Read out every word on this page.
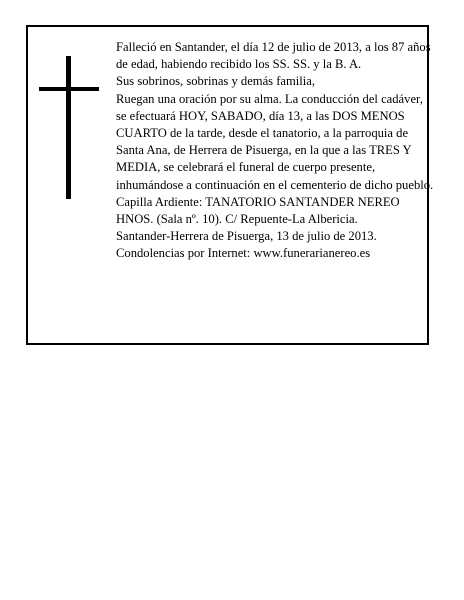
Falleció en Santander, el día 12 de julio de 2013, a los 87 años de edad, habiendo recibido los SS. SS. y la B. A.

Sus sobrinos, sobrinas y demás familia,

Ruegan una oración por su alma. La conducción del cadáver, se efectuará HOY, SABADO, día 13, a las DOS MENOS CUARTO de la tarde, desde el tanatorio, a la parroquia de Santa Ana, de Herrera de Pisuerga, en la que a las TRES Y MEDIA, se celebrará el funeral de cuerpo presente, inhumándose a continuación en el cementerio de dicho pueblo. Capilla Ardiente: TANATORIO SANTANDER NEREO HNOS. (Sala nº. 10). C/ Repuente-La Albericia.

Santander-Herrera de Pisuerga, 13 de julio de 2013.

Condolencias por Internet: www.funerarianereo.es
